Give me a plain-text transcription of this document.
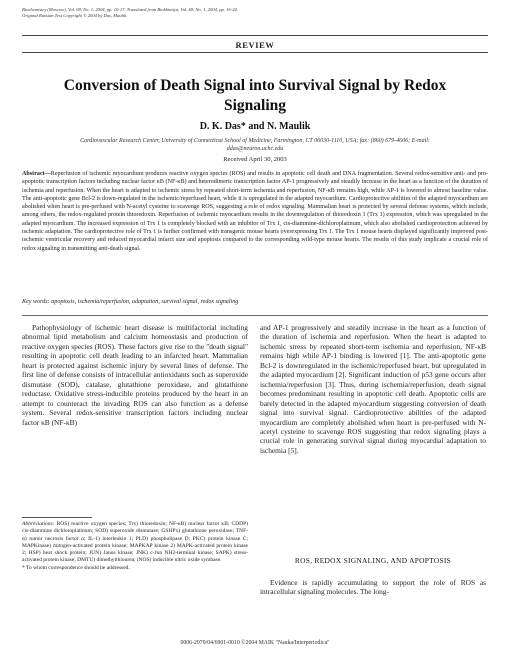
Biochemistry (Moscow), Vol. 69, No. 1, 2004, pp. 10-17. Translated from Biokhimiya, Vol. 69, No. 1, 2004, pp. 16-24.
Original Russian Text Copyright © 2004 by Das, Maulik.
REVIEW
Conversion of Death Signal into Survival Signal by Redox Signaling
D. K. Das* and N. Maulik
Cardiovascular Research Center, University of Connecticut School of Medicine, Farmington, CT 06030-1110, USA; fax: (860) 679-4606; E-mail: ddas@neuron.uchc.edu
Received April 30, 2003
Abstract—Reperfusion of ischemic myocardium produces reactive oxygen species (ROS) and results in apoptotic cell death and DNA fragmentation. Several redox-sensitive anti- and pro-apoptotic transcription factors including nuclear factor κB (NF-κB) and heterodimeric transcription factor AP-1 progressively and steadily increase in the heart as a function of the duration of ischemia and reperfusion. When the heart is adapted to ischemic stress by repeated short-term ischemia and reperfusion, NF-κB remains high, while AP-1 is lowered to almost baseline value. The anti-apoptotic gene Bcl-2 is down-regulated in the ischemic/reperfused heart, while it is upregulated in the adapted myocardium. Cardioprotective abilities of the adapted myocardium are abolished when heart is pre-perfused with N-acetyl cysteine to scavenge ROS, suggesting a role of redox signaling. Mammalian heart is protected by several defense systems, which include, among others, the redox-regulated protein thioredoxin. Reperfusion of ischemic myocardium results in the downregulation of thioredoxin 1 (Trx 1) expression, which was upregulated in the adapted myocardium. The increased expression of Trx 1 is completely blocked with an inhibitor of Trx 1, cis-diammine-dichloroplatinum, which also abolished cardioprotection achieved by ischemic adaptation. The cardioprotective role of Trx 1 is further confirmed with transgenic mouse hearts overexpressing Trx 1. The Trx 1 mouse hearts displayed significantly improved post-ischemic ventricular recovery and reduced myocardial infarct size and apoptosis compared to the corresponding wild-type mouse hearts. The results of this study implicate a crucial role of redox signaling in transmitting anti-death signal.
Key words: apoptosis, ischemia/reperfusion, adaptation, survival signal, redox signaling

Pathophysiology of ischemic heart disease is multifactorial including abnormal lipid metabolism and calcium homeostasis and production of reactive oxygen species (ROS). These factors give rise to the "death signal" resulting in apoptotic cell death leading to an infarcted heart. Mammalian heart is protected against ischemic injury by several lines of defense. The first line of defense consists of intracellular antioxidants such as superoxide dismutase (SOD), catalase, glutathione peroxidase, and glutathione reductase. Oxidative stress-inducible proteins produced by the heart in an attempt to counteract the invading ROS can also function as a defense system. Several redox-sensitive transcription factors including nuclear factor κB (NF-κB)

Abbreviations: ROS) reactive oxygen species; Trx) thioredoxin; NF-κB) nuclear factor κB; CDDP) cis-diammine dichloroplatinum; SOD) superoxide dismutase; GSHPx) glutathione peroxidase; TNF-α) tumor necrosis factor α; IL-1) interleukin 1; PLD) phospholipase D; PKC) protein kinase C; MAPKinase) mitogen-activated protein kinase; MAPKAP kinase 2) MAPK-activated protein kinase 2; HSP) heat shock protein; JUN) Janus kinase; JNK) c-Jun NH2-terminal kinase; SAPK) stress-activated protein kinase; DMTU) dimethylthiourea; iNOS) inducible nitric oxide synthase.
* To whom correspondence should be addressed.

and AP-1 progressively and steadily increase in the heart as a function of the duration of ischemia and reperfusion. When the heart is adapted to ischemic stress by repeated short-term ischemia and reperfusion, NF-κB remains high while AP-1 binding is lowered [1]. The anti-apoptotic gene Bcl-2 is downregulated in the ischemic/reperfused heart, but upregulated in the adapted myocardium [2]. Significant induction of p53 gene occurs after ischemia/reperfusion [3]. Thus, during ischemia/reperfusion, death signal becomes predominant resulting in apoptotic cell death. Apoptotic cells are barely detected in the adapted myocardium suggesting conversion of death signal into survival signal. Cardioprotective abilities of the adapted myocardium are completely abolished when heart is pre-perfused with N-acetyl cysteine to scavenge ROS suggesting that redox signaling plays a crucial role in generating survival signal during myocardial adaptation to ischemia [5].

ROS, REDOX SIGNALING, AND APOPTOSIS

Evidence is rapidly accumulating to support the role of ROS as intracellular signaling molecules. The long-

0006-2979/04/6901-0010 ©2004 MAIK "Nauka/Interperiodica"
